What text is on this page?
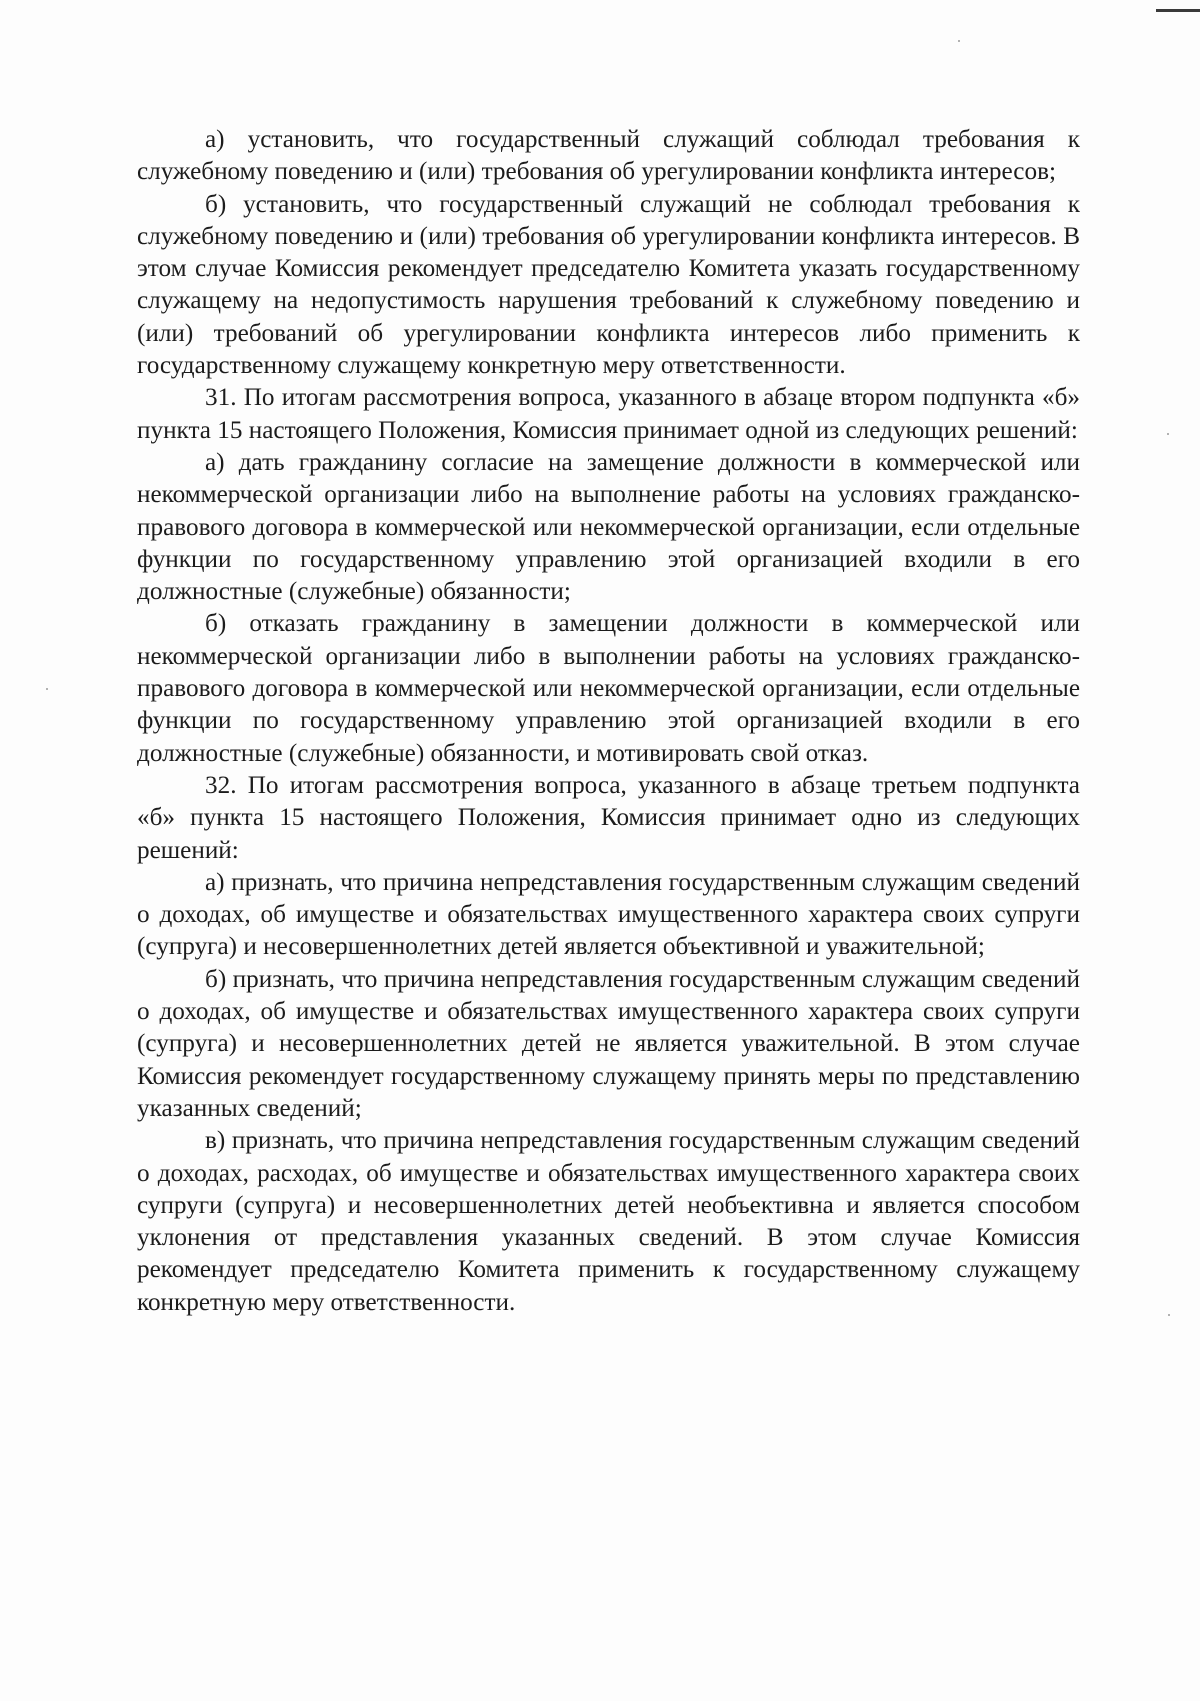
а) установить, что государственный служащий соблюдал требования к служебному поведению и (или) требования об урегулировании конфликта интересов;

б) установить, что государственный служащий не соблюдал требования к служебному поведению и (или) требования об урегулировании конфликта интересов. В этом случае Комиссия рекомендует председателю Комитета указать государственному служащему на недопустимость нарушения требований к служебному поведению и (или) требований об урегулировании конфликта интересов либо применить к государственному служащему конкретную меру ответственности.

31. По итогам рассмотрения вопроса, указанного в абзаце втором подпункта «б» пункта 15 настоящего Положения, Комиссия принимает одной из следующих решений:

а) дать гражданину согласие на замещение должности в коммерческой или некоммерческой организации либо на выполнение работы на условиях гражданско-правового договора в коммерческой или некоммерческой организации, если отдельные функции по государственному управлению этой организацией входили в его должностные (служебные) обязанности;

б) отказать гражданину в замещении должности в коммерческой или некоммерческой организации либо в выполнении работы на условиях гражданско-правового договора в коммерческой или некоммерческой организации, если отдельные функции по государственному управлению этой организацией входили в его должностные (служебные) обязанности, и мотивировать свой отказ.

32. По итогам рассмотрения вопроса, указанного в абзаце третьем подпункта «б» пункта 15 настоящего Положения, Комиссия принимает одно из следующих решений:

а) признать, что причина непредставления государственным служащим сведений о доходах, об имуществе и обязательствах имущественного характера своих супруги (супруга) и несовершеннолетних детей является объективной и уважительной;

б) признать, что причина непредставления государственным служащим сведений о доходах, об имуществе и обязательствах имущественного характера своих супруги (супруга) и несовершеннолетних детей не является уважительной. В этом случае Комиссия рекомендует государственному служащему принять меры по представлению указанных сведений;

в) признать, что причина непредставления государственным служащим сведений о доходах, расходах, об имуществе и обязательствах имущественного характера своих супруги (супруга) и несовершеннолетних детей необъективна и является способом уклонения от представления указанных сведений. В этом случае Комиссия рекомендует председателю Комитета применить к государственному служащему конкретную меру ответственности.
